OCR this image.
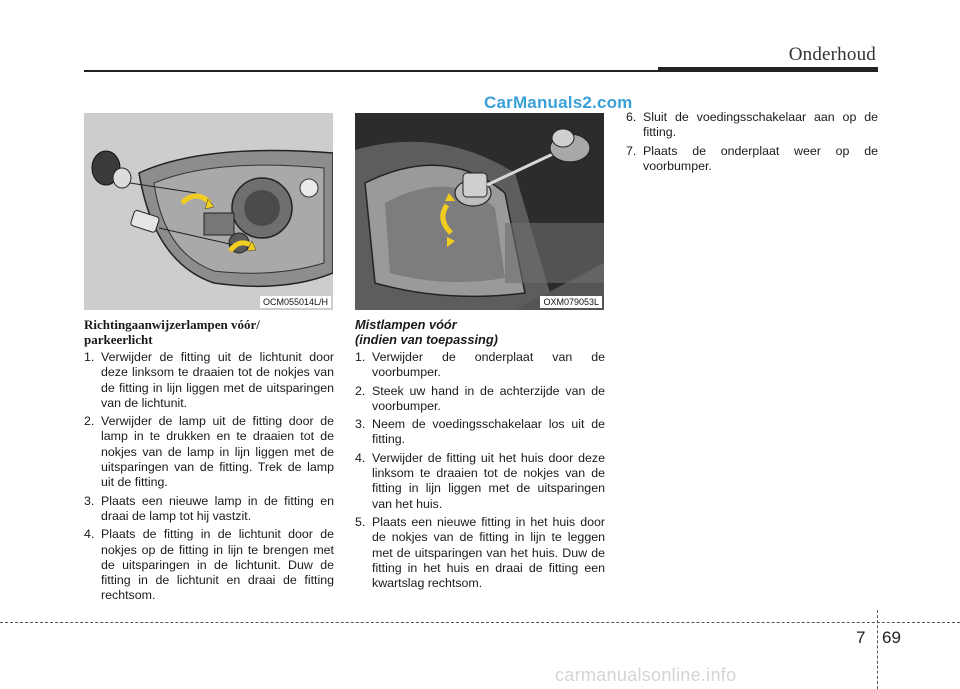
Onderhoud
CarManuals2.com
OCM055014L/H	OXM079053L

Richtingaanwijzerlampen vóór/
parkeerlicht

1. Verwijder de fitting uit de lichtunit door deze linksom te draaien tot de nokjes van de fitting in lijn liggen met de uitsparingen van de lichtunit.
2. Verwijder de lamp uit de fitting door de lamp in te drukken en te draaien tot de nokjes van de lamp in lijn liggen met de uitsparingen van de fitting. Trek de lamp uit de fitting.
3. Plaats een nieuwe lamp in de fitting en draai de lamp tot hij vastzit.
4. Plaats de fitting in de lichtunit door de nokjes op de fitting in lijn te brengen met de uitsparingen in de lichtunit. Duw de fitting in de lichtunit en draai de fitting rechtsom.

Mistlampen vóór
(indien van toepassing)

1. Verwijder de onderplaat van de voorbumper.
2. Steek uw hand in de achterzijde van de voorbumper.
3. Neem de voedingsschakelaar los uit de fitting.
4. Verwijder de fitting uit het huis door deze linksom te draaien tot de nokjes van de fitting in lijn liggen met de uitsparingen van het huis.
5. Plaats een nieuwe fitting in het huis door de nokjes van de fitting in lijn te leggen met de uitsparingen van het huis. Duw de fitting in het huis en draai de fitting een kwartslag rechtsom.
6. Sluit de voedingsschakelaar aan op de fitting.
7. Plaats de onderplaat weer op de voorbumper.
7 69
carmanualsonline.info
